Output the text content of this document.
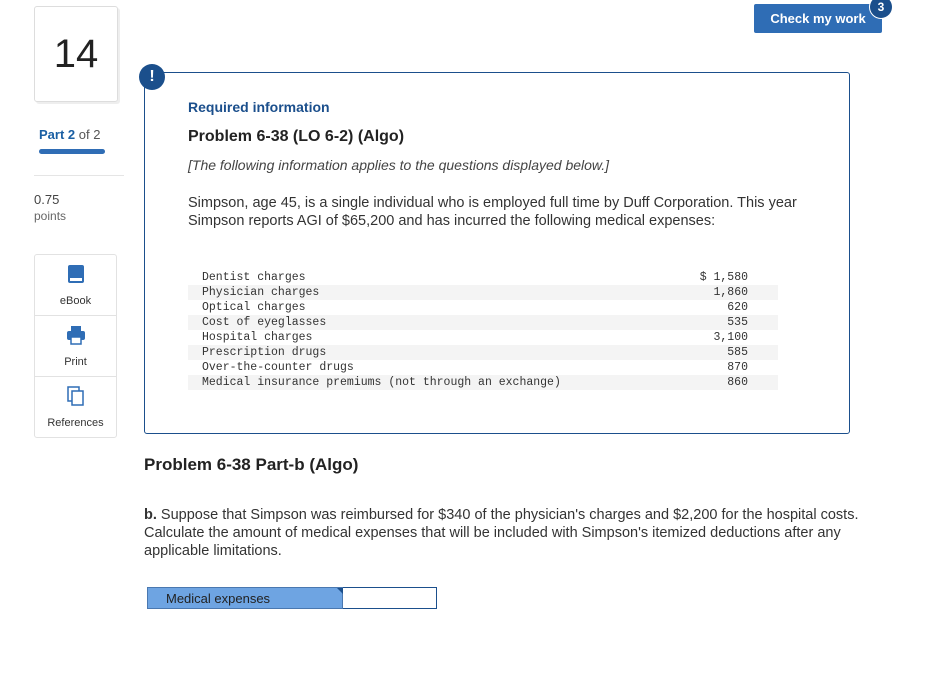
14
Part 2 of 2
0.75
points
eBook
Print
References
Check my work
3
Required information
Problem 6-38 (LO 6-2) (Algo)
[The following information applies to the questions displayed below.]
Simpson, age 45, is a single individual who is employed full time by Duff Corporation. This year Simpson reports AGI of $65,200 and has incurred the following medical expenses:
Dentist charges	$ 1,580
Physician charges	1,860
Optical charges	620
Cost of eyeglasses	535
Hospital charges	3,100
Prescription drugs	585
Over-the-counter drugs	870
Medical insurance premiums (not through an exchange)	860
!
Problem 6-38 Part-b (Algo)
b. Suppose that Simpson was reimbursed for $340 of the physician's charges and $2,200 for the hospital costs. Calculate the amount of medical expenses that will be included with Simpson's itemized deductions after any applicable limitations.
Medical expenses
